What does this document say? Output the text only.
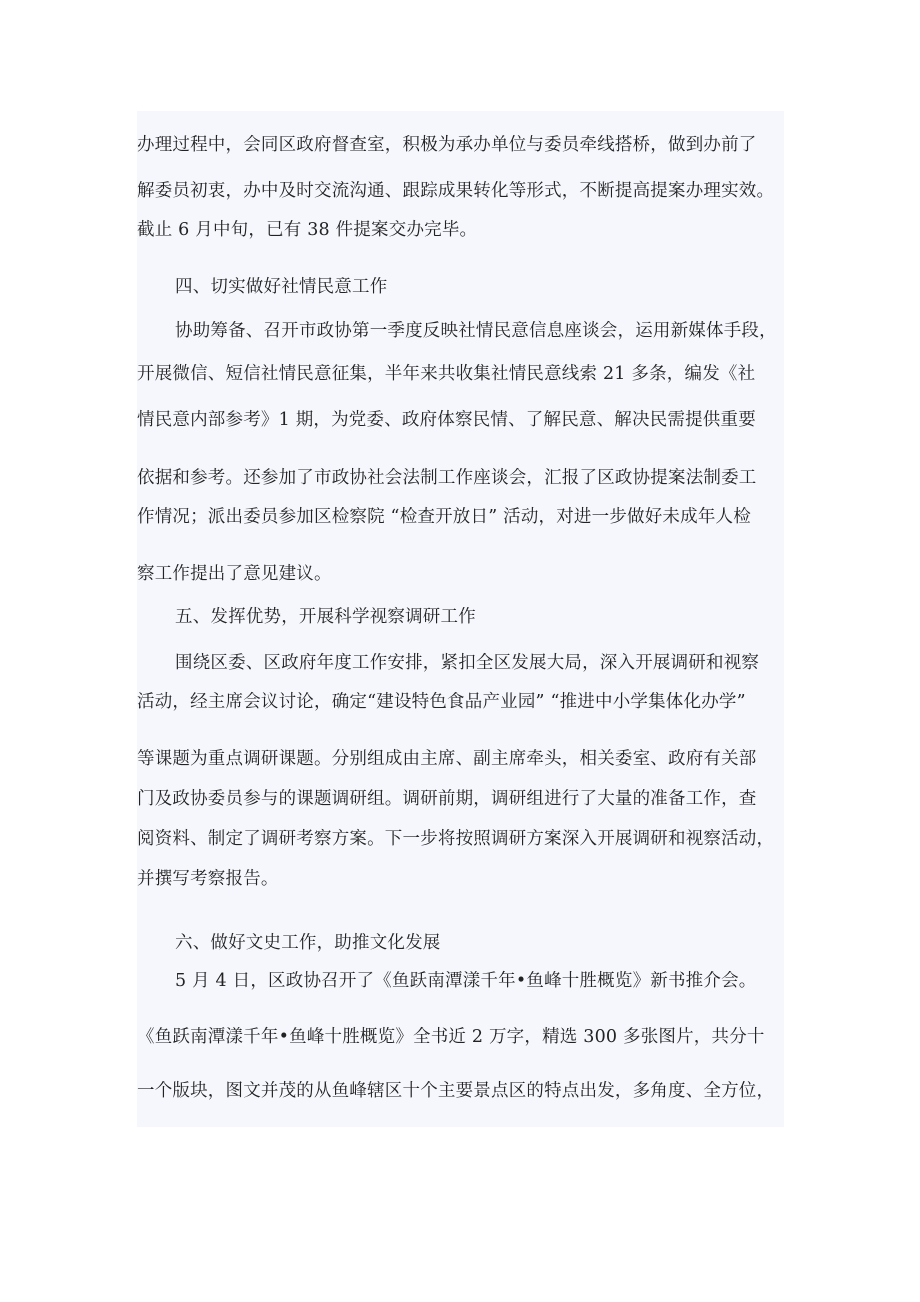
办理过程中，会同区政府督查室，积极为承办单位与委员牵线搭桥，做到办前了
解委员初衷，办中及时交流沟通、跟踪成果转化等形式，不断提高提案办理实效。
截止 6 月中旬，已有 38 件提案交办完毕。
四、切实做好社情民意工作
协助筹备、召开市政协第一季度反映社情民意信息座谈会，运用新媒体手段，
开展微信、短信社情民意征集，半年来共收集社情民意线索 21 多条，编发《社
情民意内部参考》1 期，为党委、政府体察民情、了解民意、解决民需提供重要
依据和参考。还参加了市政协社会法制工作座谈会，汇报了区政协提案法制委工
作情况；派出委员参加区检察院 “检查开放日” 活动，对进一步做好未成年人检
察工作提出了意见建议。
五、发挥优势，开展科学视察调研工作
围绕区委、区政府年度工作安排，紧扣全区发展大局，深入开展调研和视察
活动，经主席会议讨论，确定“建设特色食品产业园” “推进中小学集体化办学”
等课题为重点调研课题。分别组成由主席、副主席牵头，相关委室、政府有关部
门及政协委员参与的课题调研组。调研前期，调研组进行了大量的准备工作，查
阅资料、制定了调研考察方案。下一步将按照调研方案深入开展调研和视察活动，
并撰写考察报告。
六、做好文史工作，助推文化发展
5 月 4 日，区政协召开了《鱼跃南潭漾千年•鱼峰十胜概览》新书推介会。
《鱼跃南潭漾千年•鱼峰十胜概览》全书近 2 万字，精选 300 多张图片，共分十
一个版块，图文并茂的从鱼峰辖区十个主要景点区的特点出发，多角度、全方位，
